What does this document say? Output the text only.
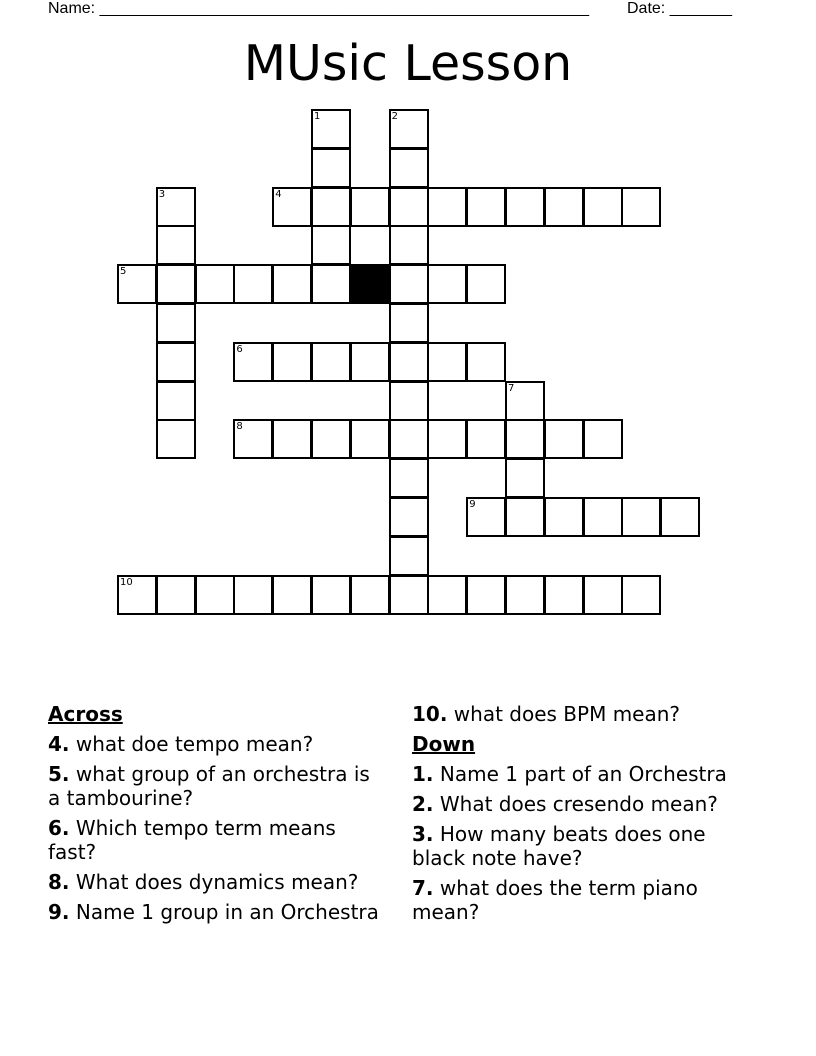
Name: _______________________________________________________ Date: _______
MUsic Lesson
1	2
3	4
5
6
7
8
9
10
Across
4. what doe tempo mean?
5. what group of an orchestra is a tambourine?
6. Which tempo term means fast?
8. What does dynamics mean?
9. Name 1 group in an Orchestra
10. what does BPM mean?
Down
1. Name 1 part of an Orchestra
2. What does cresendo mean?
3. How many beats does one black note have?
7. what does the term piano mean?
